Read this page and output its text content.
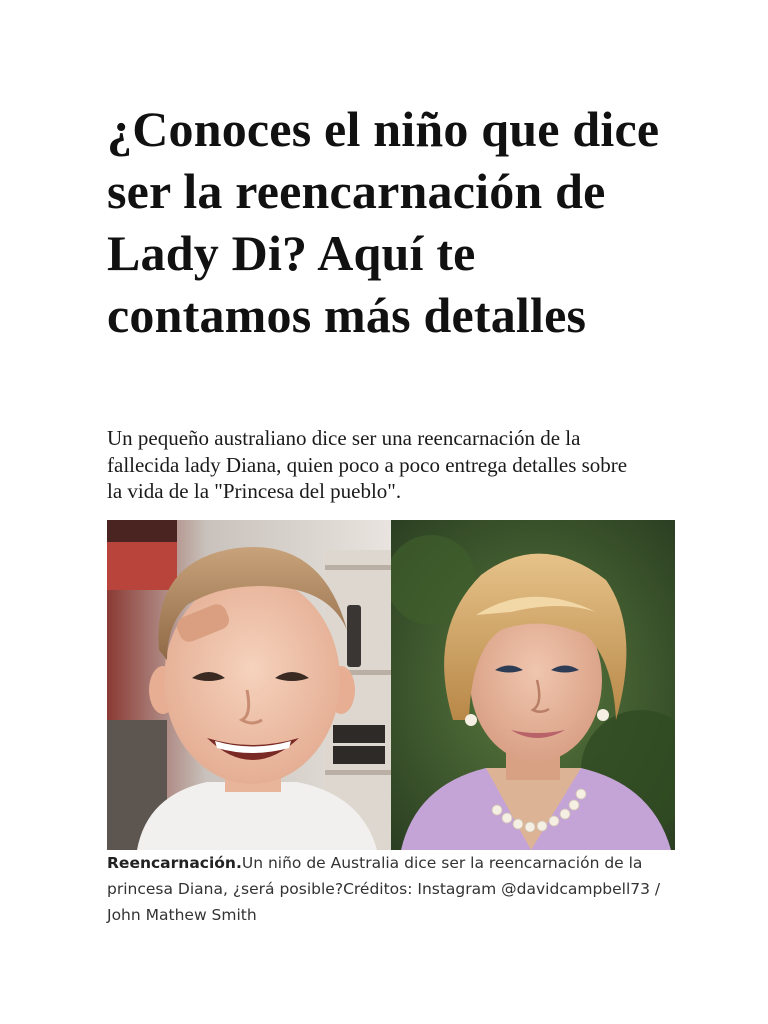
¿Conoces el niño que dice ser la reencarnación de Lady Di? Aquí te contamos más detalles

Un pequeño australiano dice ser una reencarnación de la fallecida lady Diana, quien poco a poco entrega detalles sobre la vida de la "Princesa del pueblo".

Reencarnación.Un niño de Australia dice ser la reencarnación de la princesa Diana, ¿será posible?Créditos: Instagram @davidcampbell73 / John Mathew Smith
